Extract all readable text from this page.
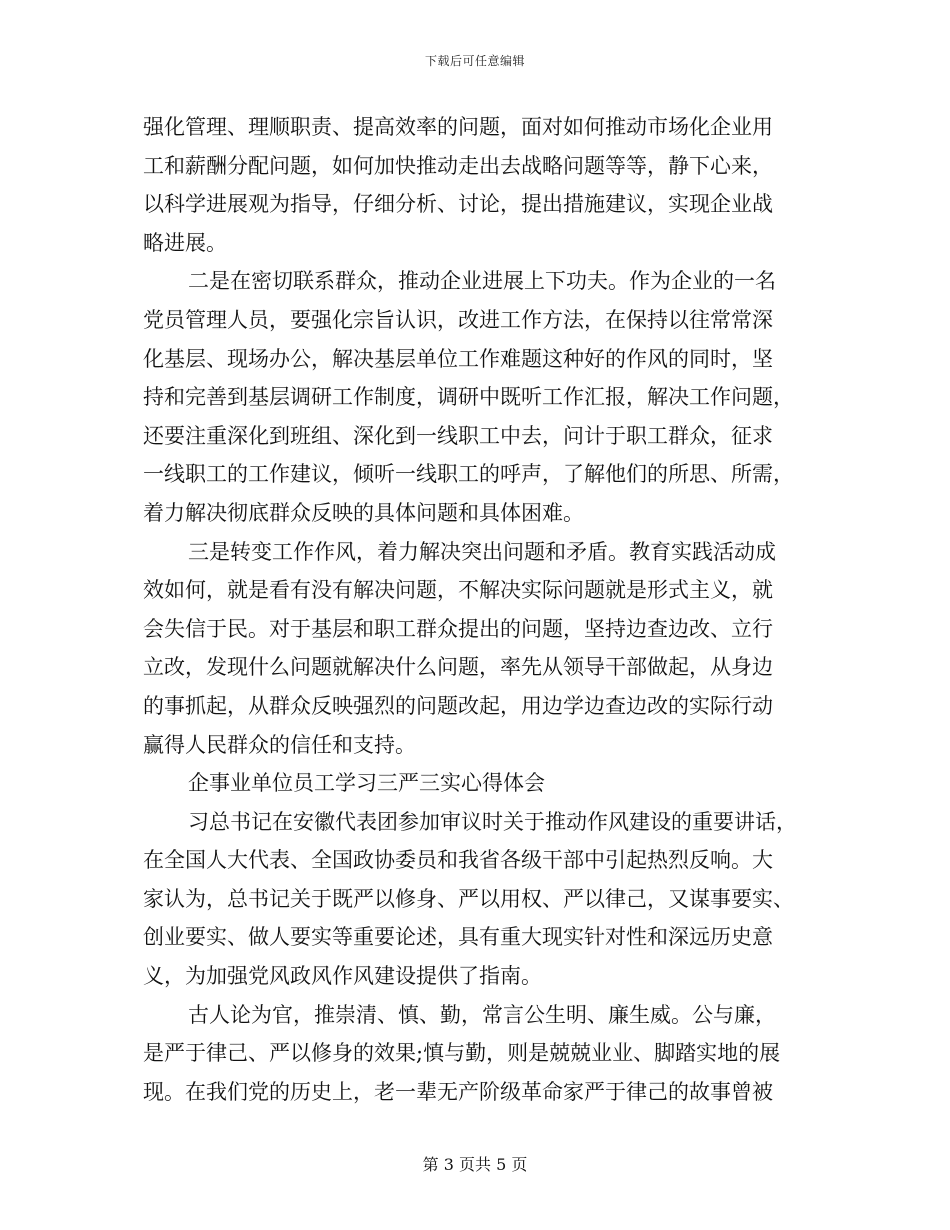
下载后可任意编辑
强化管理、理顺职责、提高效率的问题，面对如何推动市场化企业用
工和薪酬分配问题，如何加快推动走出去战略问题等等，静下心来，
以科学进展观为指导，仔细分析、讨论，提出措施建议，实现企业战
略进展。
二是在密切联系群众，推动企业进展上下功夫。作为企业的一名
党员管理人员，要强化宗旨认识，改进工作方法，在保持以往常常深
化基层、现场办公，解决基层单位工作难题这种好的作风的同时，坚
持和完善到基层调研工作制度，调研中既听工作汇报，解决工作问题，
还要注重深化到班组、深化到一线职工中去，问计于职工群众，征求
一线职工的工作建议，倾听一线职工的呼声，了解他们的所思、所需，
着力解决彻底群众反映的具体问题和具体困难。
三是转变工作作风，着力解决突出问题和矛盾。教育实践活动成
效如何，就是看有没有解决问题，不解决实际问题就是形式主义，就
会失信于民。对于基层和职工群众提出的问题，坚持边查边改、立行
立改，发现什么问题就解决什么问题，率先从领导干部做起，从身边
的事抓起，从群众反映强烈的问题改起，用边学边查边改的实际行动
赢得人民群众的信任和支持。
企事业单位员工学习三严三实心得体会
习总书记在安徽代表团参加审议时关于推动作风建设的重要讲话，
在全国人大代表、全国政协委员和我省各级干部中引起热烈反响。大
家认为，总书记关于既严以修身、严以用权、严以律己，又谋事要实、
创业要实、做人要实等重要论述，具有重大现实针对性和深远历史意
义，为加强党风政风作风建设提供了指南。
古人论为官，推崇清、慎、勤，常言公生明、廉生威。公与廉，
是严于律己、严以修身的效果;慎与勤，则是兢兢业业、脚踏实地的展
现。在我们党的历史上，老一辈无产阶级革命家严于律己的故事曾被
第 3 页共 5 页
